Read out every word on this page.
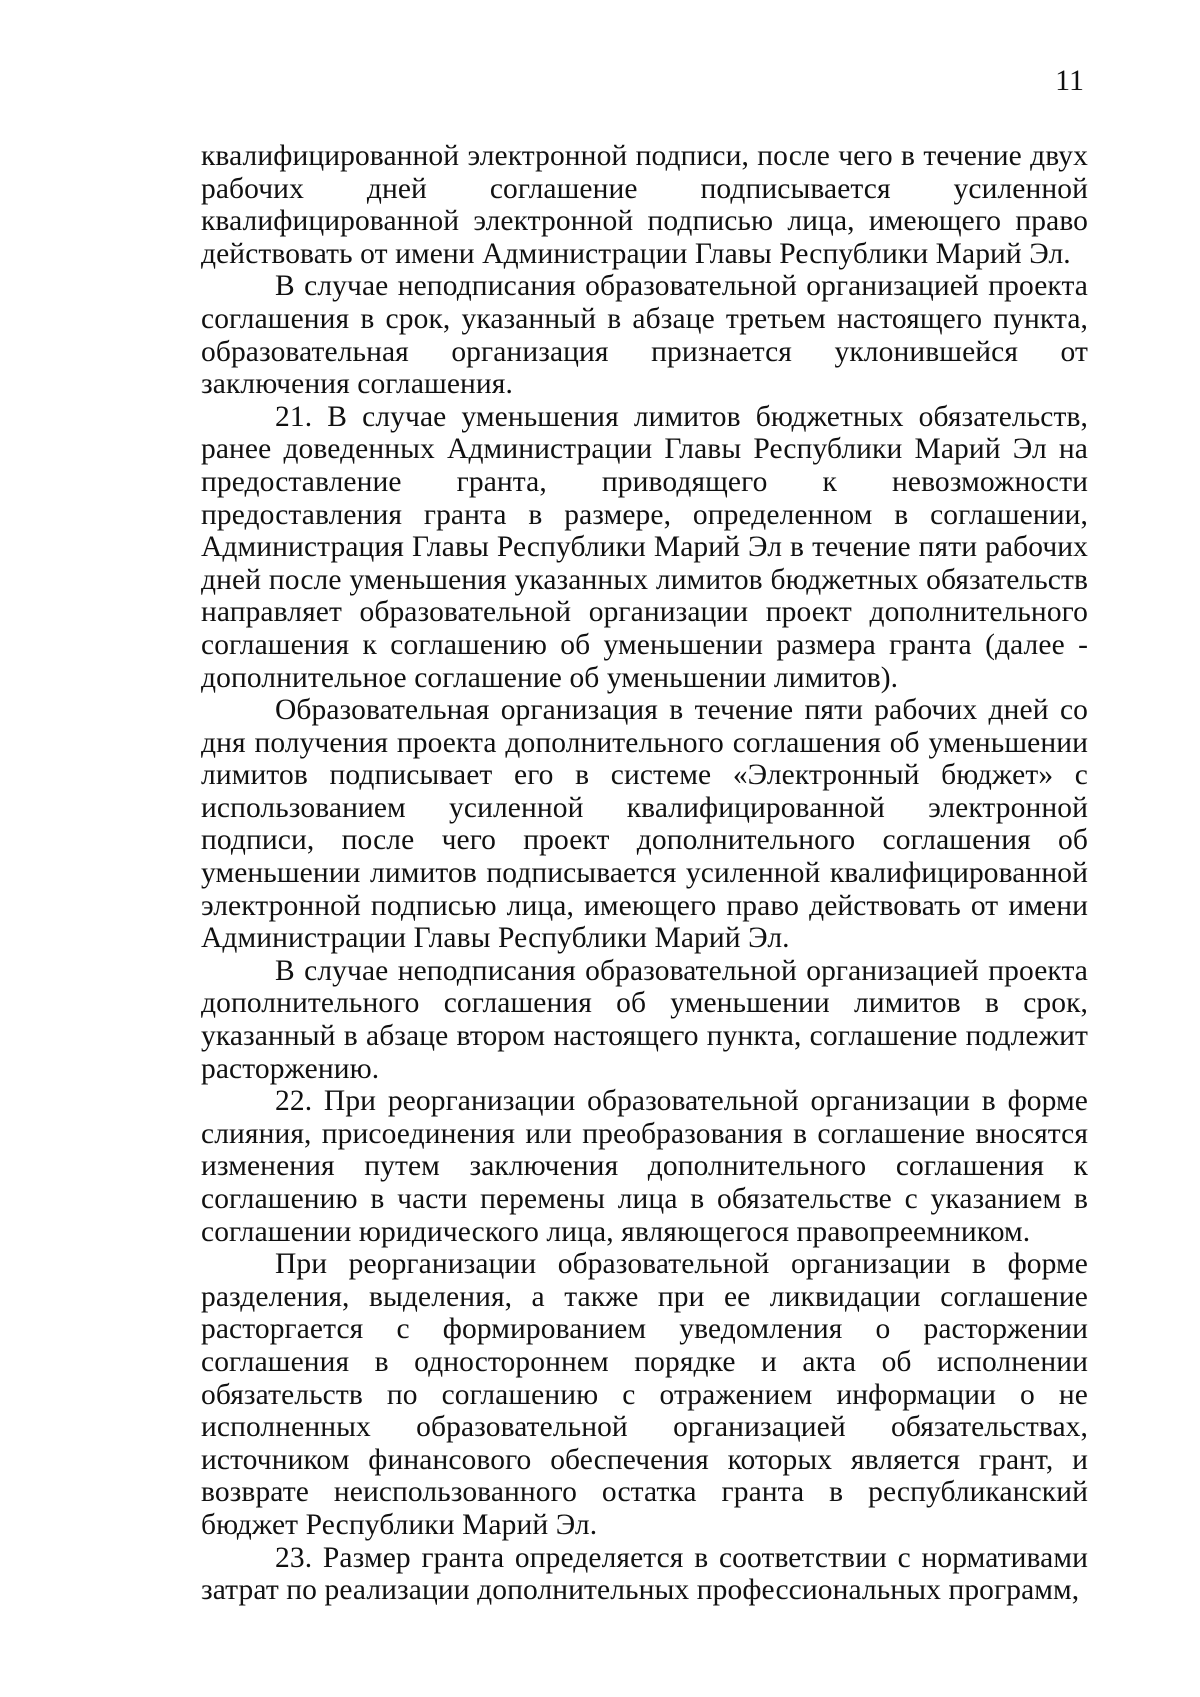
11

квалифицированной электронной подписи, после чего в течение двух рабочих дней соглашение подписывается усиленной квалифицированной электронной подписью лица, имеющего право действовать от имени Администрации Главы Республики Марий Эл.

В случае неподписания образовательной организацией проекта соглашения в срок, указанный в абзаце третьем настоящего пункта, образовательная организация признается уклонившейся от заключения соглашения.

21. В случае уменьшения лимитов бюджетных обязательств, ранее доведенных Администрации Главы Республики Марий Эл на предоставление гранта, приводящего к невозможности предоставления гранта в размере, определенном в соглашении, Администрация Главы Республики Марий Эл в течение пяти рабочих дней после уменьшения указанных лимитов бюджетных обязательств направляет образовательной организации проект дополнительного соглашения к соглашению об уменьшении размера гранта (далее - дополнительное соглашение об уменьшении лимитов).

Образовательная организация в течение пяти рабочих дней со дня получения проекта дополнительного соглашения об уменьшении лимитов подписывает его в системе «Электронный бюджет» с использованием усиленной квалифицированной электронной подписи, после чего проект дополнительного соглашения об уменьшении лимитов подписывается усиленной квалифицированной электронной подписью лица, имеющего право действовать от имени Администрации Главы Республики Марий Эл.

В случае неподписания образовательной организацией проекта дополнительного соглашения об уменьшении лимитов в срок, указанный в абзаце втором настоящего пункта, соглашение подлежит расторжению.

22. При реорганизации образовательной организации в форме слияния, присоединения или преобразования в соглашение вносятся изменения путем заключения дополнительного соглашения к соглашению в части перемены лица в обязательстве с указанием в соглашении юридического лица, являющегося правопреемником.

При реорганизации образовательной организации в форме разделения, выделения, а также при ее ликвидации соглашение расторгается с формированием уведомления о расторжении соглашения в одностороннем порядке и акта об исполнении обязательств по соглашению с отражением информации о не исполненных образовательной организацией обязательствах, источником финансового обеспечения которых является грант, и возврате неиспользованного остатка гранта в республиканский бюджет Республики Марий Эл.

23. Размер гранта определяется в соответствии с нормативами затрат по реализации дополнительных профессиональных программ,
